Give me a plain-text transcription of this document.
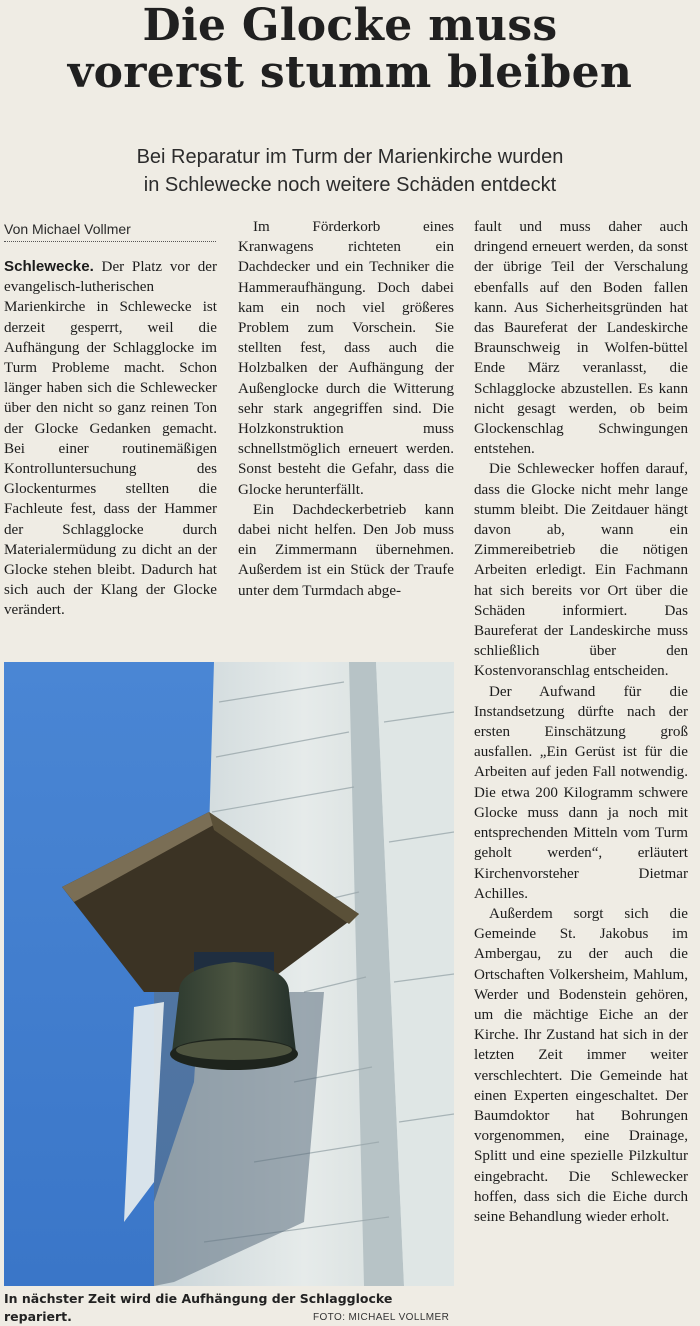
Die Glocke muss
vorerst stumm bleiben
Bei Reparatur im Turm der Marienkirche wurden
in Schlewecke noch weitere Schäden entdeckt
Von Michael Vollmer

Schlewecke. Der Platz vor der evangelisch-lutherischen Marienkirche in Schlewecke ist derzeit gesperrt, weil die Aufhängung der Schlagglocke im Turm Probleme macht. Schon länger haben sich die Schlewecker über den nicht so ganz reinen Ton der Glocke Gedanken gemacht. Bei einer routinemäßigen Kontrolluntersuchung des Glockenturmes stellten die Fachleute fest, dass der Hammer der Schlagglocke durch Materialermüdung zu dicht an der Glocke stehen bleibt. Dadurch hat sich auch der Klang der Glocke verändert.

Im Förderkorb eines Kranwagens richteten ein Dachdecker und ein Techniker die Hammeraufhängung. Doch dabei kam ein noch viel größeres Problem zum Vorschein. Sie stellten fest, dass auch die Holzbalken der Aufhängung der Außenglocke durch die Witterung sehr stark angegriffen sind. Die Holzkonstruktion muss schnellstmöglich erneuert werden. Sonst besteht die Gefahr, dass die Glocke herunterfällt.

Ein Dachdeckerbetrieb kann dabei nicht helfen. Den Job muss ein Zimmermann übernehmen. Außerdem ist ein Stück der Traufe unter dem Turmdach abge-

fault und muss daher auch dringend erneuert werden, da sonst der übrige Teil der Verschalung ebenfalls auf den Boden fallen kann. Aus Sicherheitsgründen hat das Baureferat der Landeskirche Braunschweig in Wolfen-büttel Ende März veranlasst, die Schlagglocke abzustellen. Es kann nicht gesagt werden, ob beim Glockenschlag Schwingungen entstehen.

Die Schlewecker hoffen darauf, dass die Glocke nicht mehr lange stumm bleibt. Die Zeitdauer hängt davon ab, wann ein Zimmereibetrieb die nötigen Arbeiten erledigt. Ein Fachmann hat sich bereits vor Ort über die Schäden informiert. Das Baureferat der Landeskirche muss schließlich über den Kostenvoranschlag entscheiden.

Der Aufwand für die Instandsetzung dürfte nach der ersten Einschätzung groß ausfallen. „Ein Gerüst ist für die Arbeiten auf jeden Fall notwendig. Die etwa 200 Kilogramm schwere Glocke muss dann ja noch mit entsprechenden Mitteln vom Turm geholt werden“, erläutert Kirchenvorsteher Dietmar Achilles.

Außerdem sorgt sich die Gemeinde St. Jakobus im Ambergau, zu der auch die Ortschaften Volkersheim, Mahlum, Werder und Bodenstein gehören, um die mächtige Eiche an der Kirche. Ihr Zustand hat sich in der letzten Zeit immer weiter verschlechtert. Die Gemeinde hat einen Experten eingeschaltet. Der Baumdoktor hat Bohrungen vorgenommen, eine Drainage, Splitt und eine spezielle Pilzkultur eingebracht. Die Schlewecker hoffen, dass sich die Eiche durch seine Behandlung wieder erholt.

In nächster Zeit wird die Aufhängung der Schlagglocke repariert.	FOTO: MICHAEL VOLLMER
